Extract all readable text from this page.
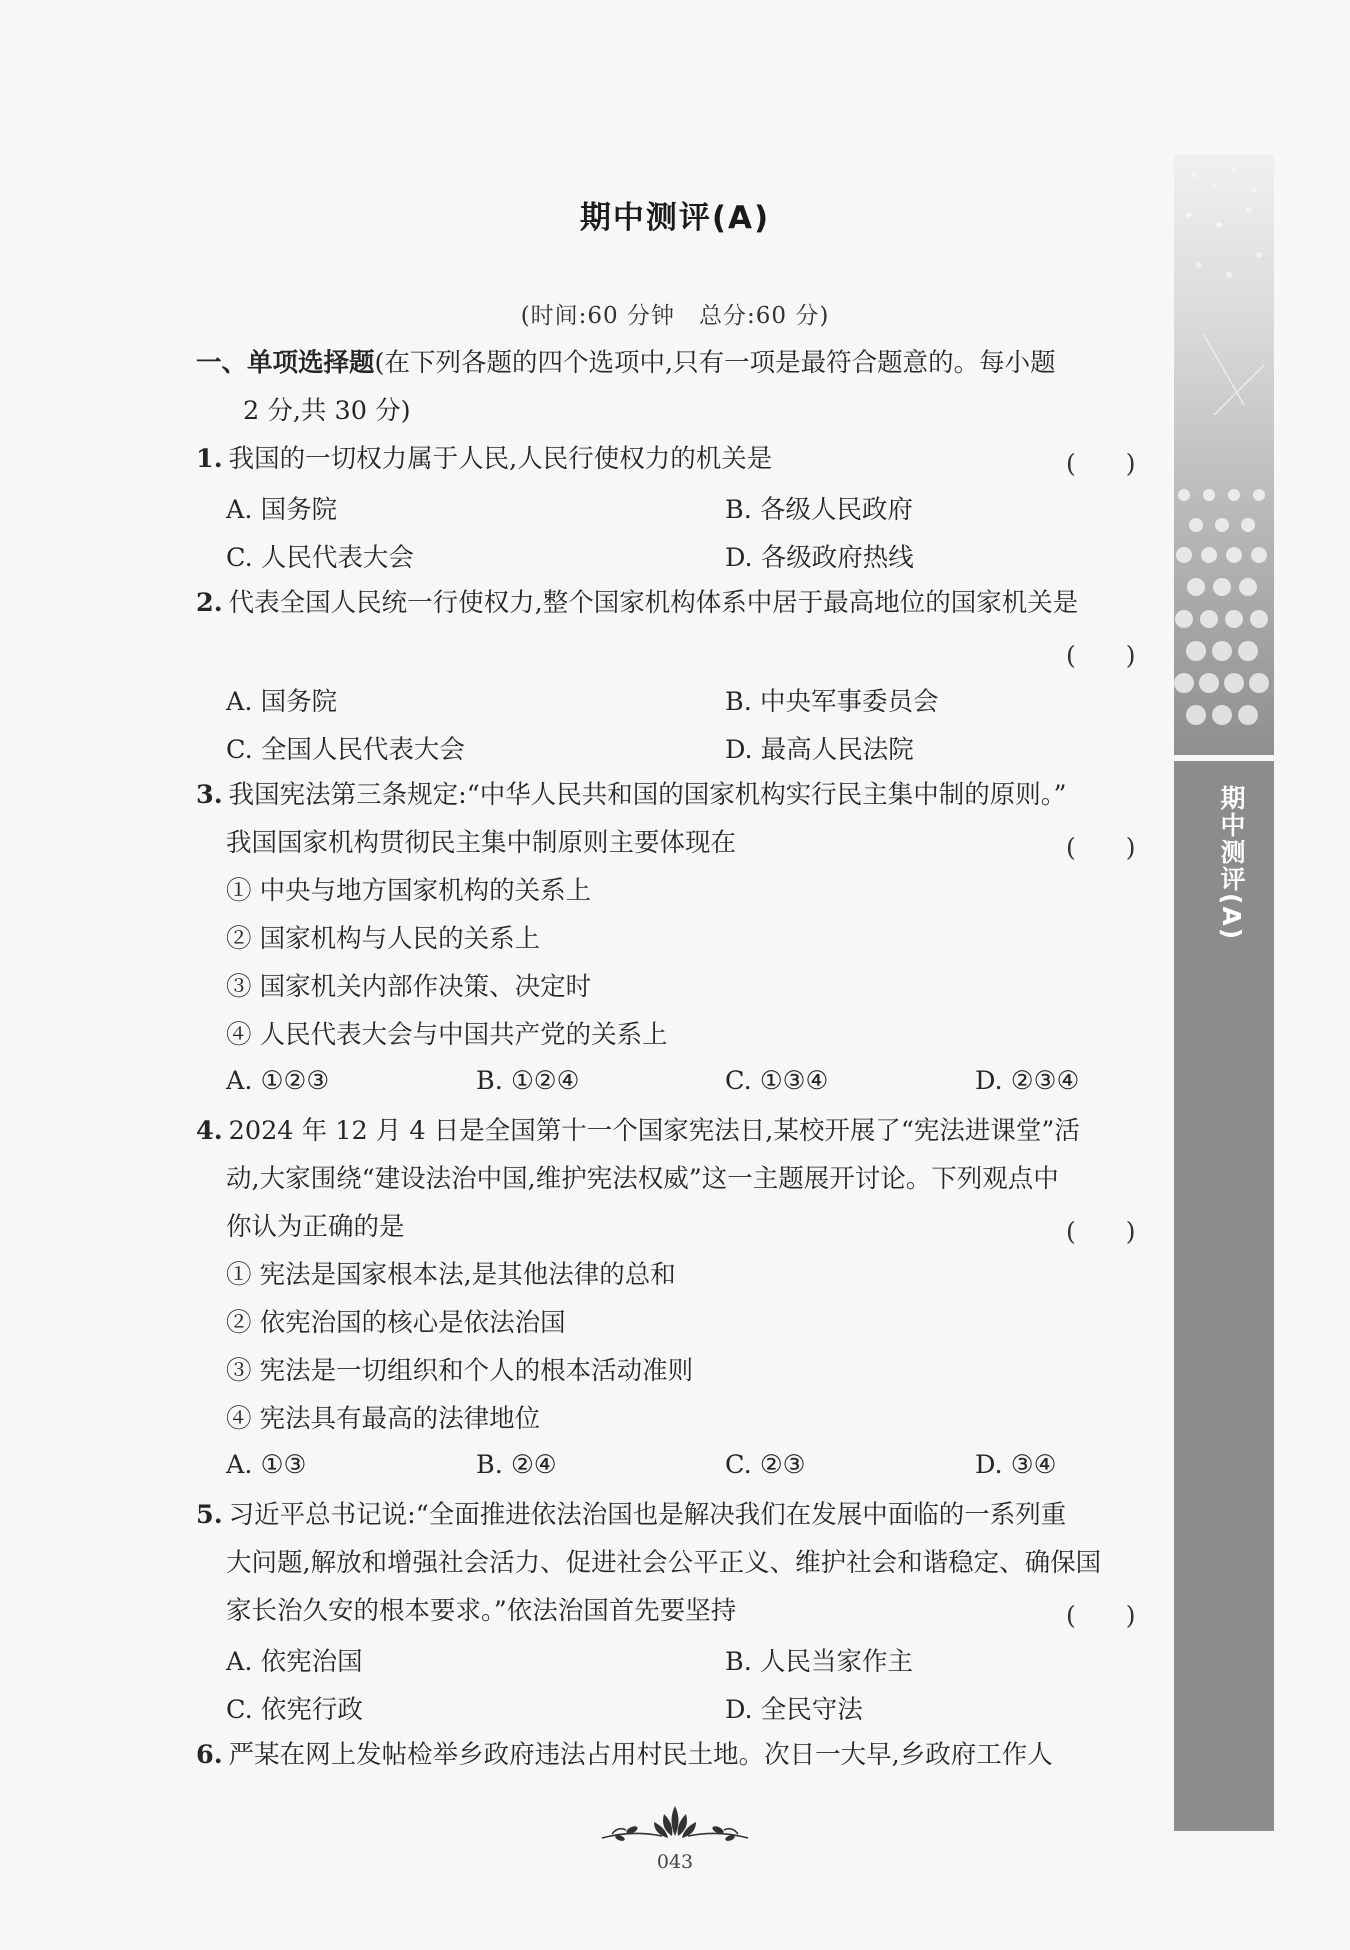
期中测评(A)
期中测评(A)
(时间:60 分钟　总分:60 分)
一、单项选择题(在下列各题的四个选项中,只有一项是最符合题意的。每小题
2 分,共 30 分)
1. 我国的一切权力属于人民,人民行使权力的机关是	(　　)
A. 国务院	B. 各级人民政府
C. 人民代表大会	D. 各级政府热线
2. 代表全国人民统一行使权力,整个国家机构体系中居于最高地位的国家机关是
(　　)
A. 国务院	B. 中央军事委员会
C. 全国人民代表大会	D. 最高人民法院
3. 我国宪法第三条规定:“中华人民共和国的国家机构实行民主集中制的原则。”
我国国家机构贯彻民主集中制原则主要体现在	(　　)
① 中央与地方国家机构的关系上
② 国家机构与人民的关系上
③ 国家机关内部作决策、决定时
④ 人民代表大会与中国共产党的关系上
A. ①②③	B. ①②④	C. ①③④	D. ②③④
4. 2024 年 12 月 4 日是全国第十一个国家宪法日,某校开展了“宪法进课堂”活
动,大家围绕“建设法治中国,维护宪法权威”这一主题展开讨论。下列观点中
你认为正确的是	(　　)
① 宪法是国家根本法,是其他法律的总和
② 依宪治国的核心是依法治国
③ 宪法是一切组织和个人的根本活动准则
④ 宪法具有最高的法律地位
A. ①③	B. ②④	C. ②③	D. ③④
5. 习近平总书记说:“全面推进依法治国也是解决我们在发展中面临的一系列重
大问题,解放和增强社会活力、促进社会公平正义、维护社会和谐稳定、确保国
家长治久安的根本要求。”依法治国首先要坚持	(　　)
A. 依宪治国	B. 人民当家作主
C. 依宪行政	D. 全民守法
6. 严某在网上发帖检举乡政府违法占用村民土地。次日一大早,乡政府工作人
043
